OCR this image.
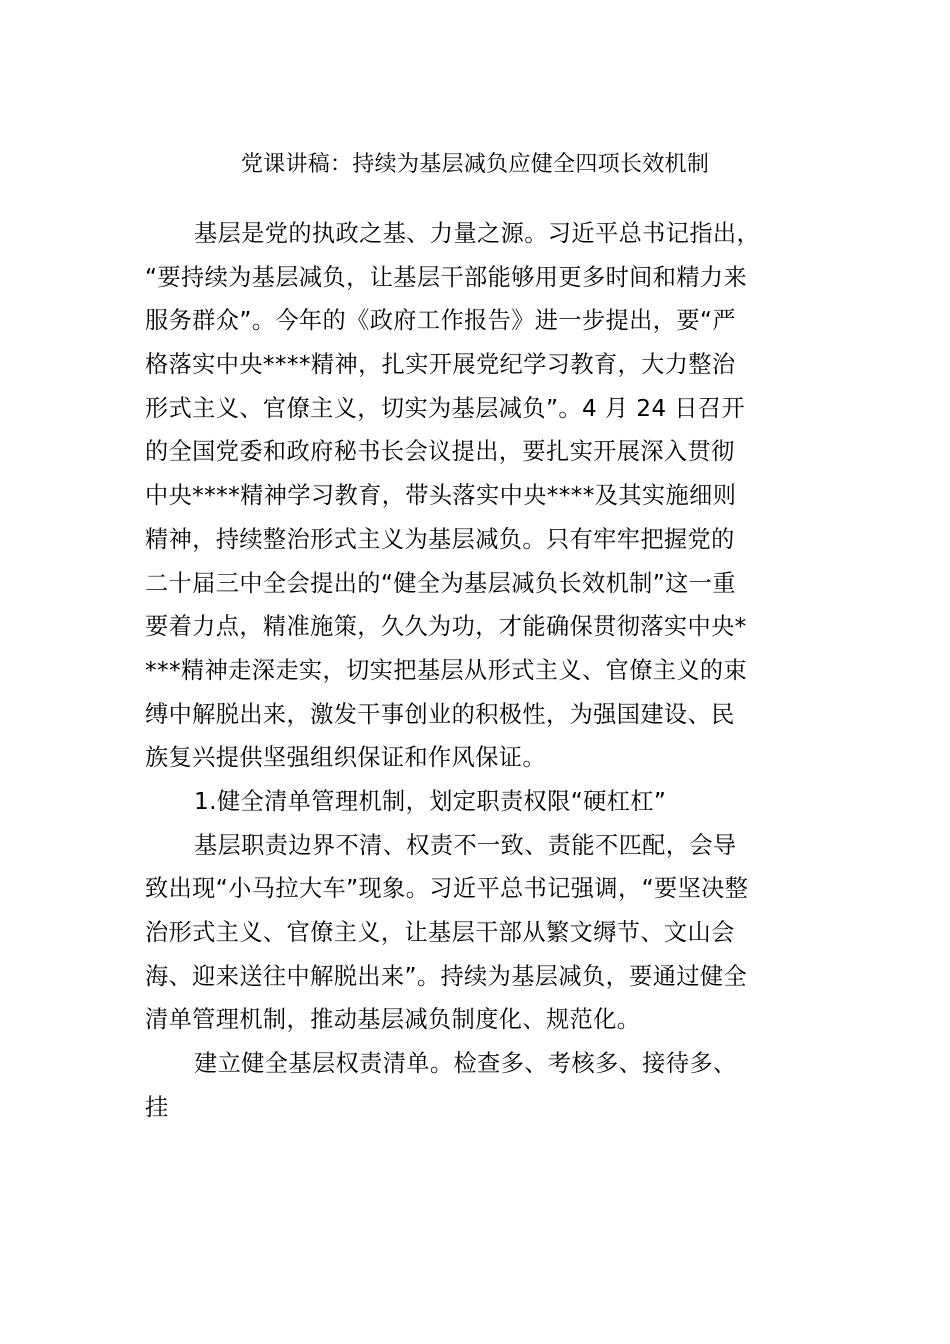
党课讲稿：持续为基层减负应健全四项长效机制
基层是党的执政之基、力量之源。习近平总书记指出，
“要持续为基层减负，让基层干部能够用更多时间和精力来
服务群众”。今年的《政府工作报告》进一步提出，要“严
格落实中央****精神，扎实开展党纪学习教育，大力整治
形式主义、官僚主义，切实为基层减负”。4 月 24 日召开
的全国党委和政府秘书长会议提出，要扎实开展深入贯彻
中央****精神学习教育，带头落实中央****及其实施细则
精神，持续整治形式主义为基层减负。只有牢牢把握党的
二十届三中全会提出的“健全为基层减负长效机制”这一重
要着力点，精准施策，久久为功，才能确保贯彻落实中央*
***精神走深走实，切实把基层从形式主义、官僚主义的束
缚中解脱出来，激发干事创业的积极性，为强国建设、民
族复兴提供坚强组织保证和作风保证。
1.健全清单管理机制，划定职责权限“硬杠杠”
基层职责边界不清、权责不一致、责能不匹配，会导
致出现“小马拉大车”现象。习近平总书记强调，“要坚决整
治形式主义、官僚主义，让基层干部从繁文缛节、文山会
海、迎来送往中解脱出来”。持续为基层减负，要通过健全
清单管理机制，推动基层减负制度化、规范化。
建立健全基层权责清单。检查多、考核多、接待多、
挂
